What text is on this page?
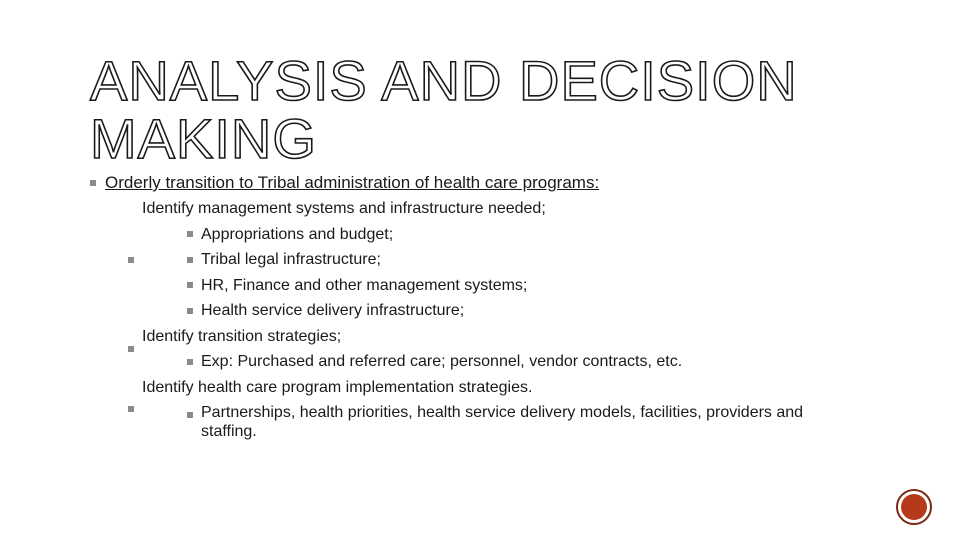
ANALYSIS AND DECISION MAKING
Orderly transition to Tribal administration of health care programs:
Identify management systems and infrastructure needed;
Appropriations and budget;
Tribal legal infrastructure;
HR, Finance and other management systems;
Health service delivery infrastructure;
Identify transition strategies;
Exp: Purchased and referred care; personnel, vendor contracts, etc.
Identify health care program implementation strategies.
Partnerships, health priorities, health service delivery models, facilities, providers and staffing.
